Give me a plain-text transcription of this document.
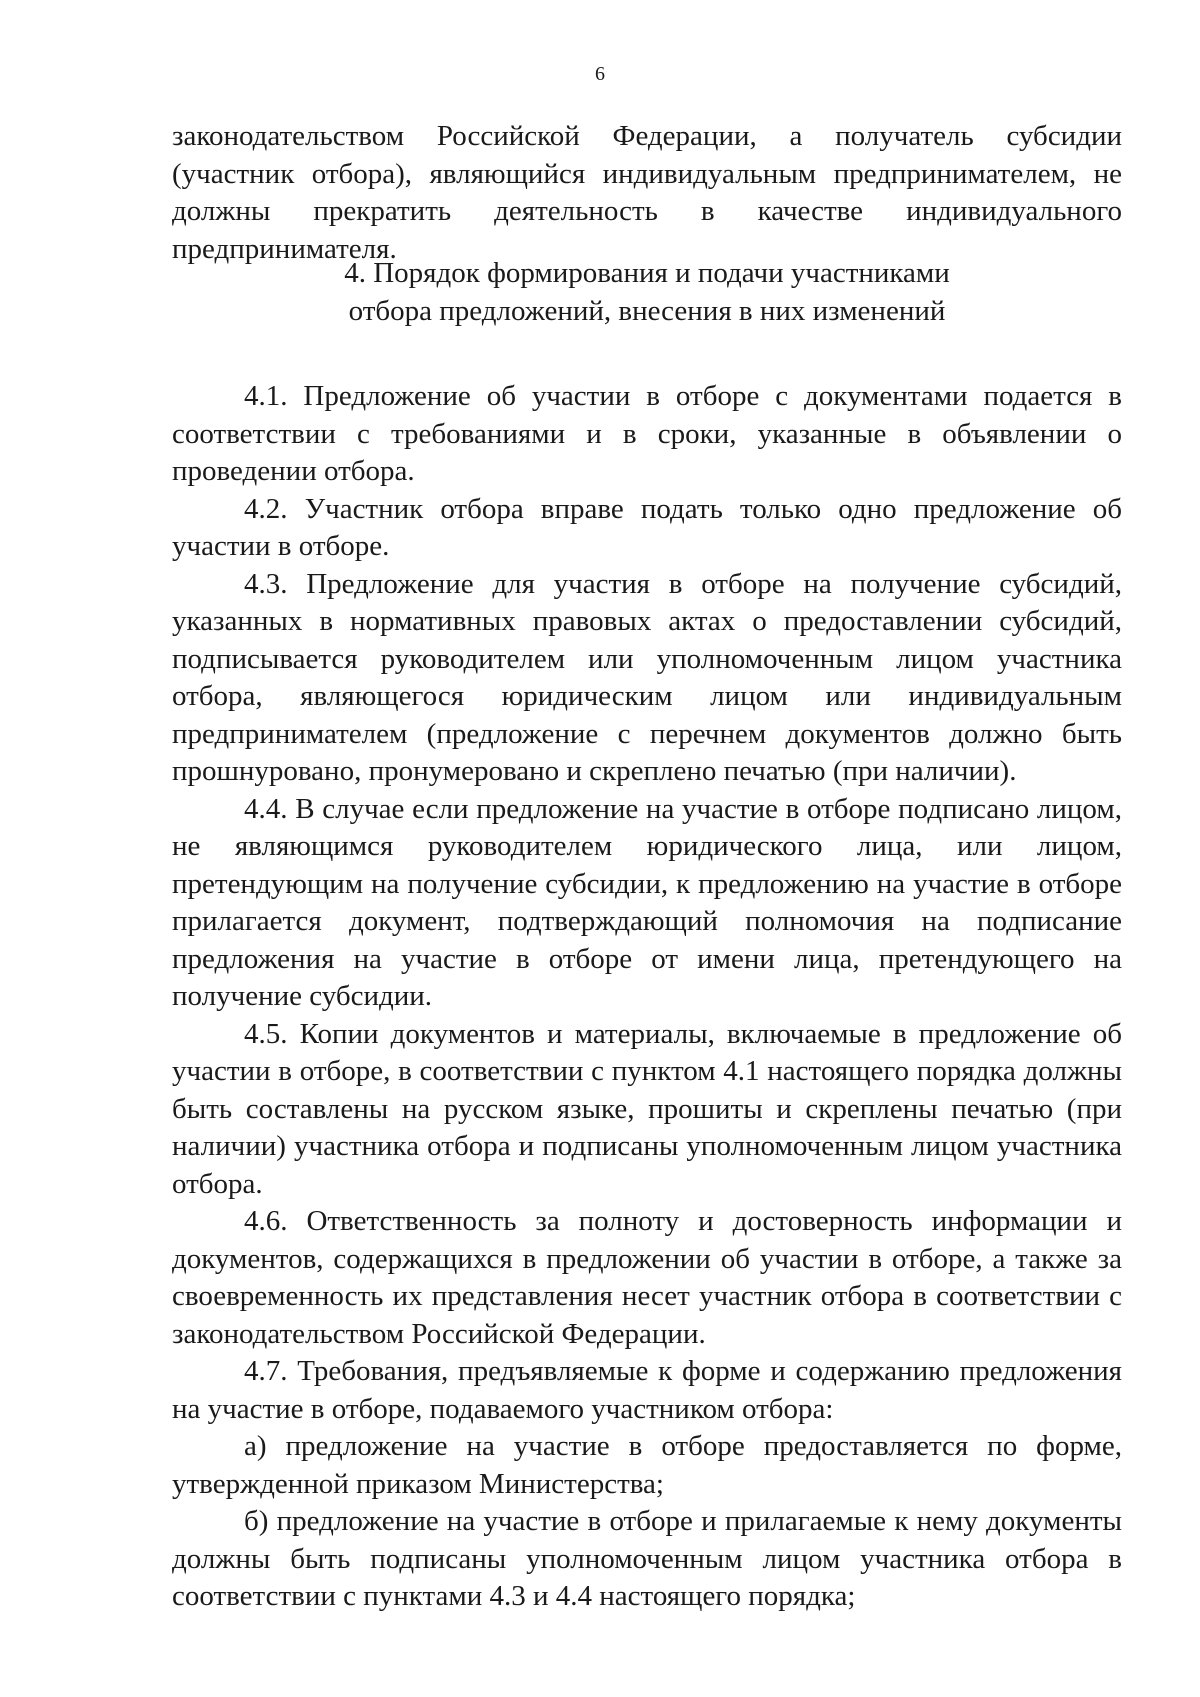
6

законодательством Российской Федерации, а получатель субсидии (участник отбора), являющийся индивидуальным предпринимателем, не должны прекратить деятельность в качестве индивидуального предпринимателя.

4. Порядок формирования и подачи участниками
отбора предложений, внесения в них изменений

4.1. Предложение об участии в отборе с документами подается в соответствии с требованиями и в сроки, указанные в объявлении о проведении отбора.

4.2. Участник отбора вправе подать только одно предложение об участии в отборе.

4.3. Предложение для участия в отборе на получение субсидий, указанных в нормативных правовых актах о предоставлении субсидий, подписывается руководителем или уполномоченным лицом участника отбора, являющегося юридическим лицом или индивидуальным предпринимателем (предложение с перечнем документов должно быть прошнуровано, пронумеровано и скреплено печатью (при наличии).

4.4. В случае если предложение на участие в отборе подписано лицом, не являющимся руководителем юридического лица, или лицом, претендующим на получение субсидии, к предложению на участие в отборе прилагается документ, подтверждающий полномочия на подписание предложения на участие в отборе от имени лица, претендующего на получение субсидии.

4.5. Копии документов и материалы, включаемые в предложение об участии в отборе, в соответствии с пунктом 4.1 настоящего порядка должны быть составлены на русском языке, прошиты и скреплены печатью (при наличии) участника отбора и подписаны уполномоченным лицом участника отбора.

4.6. Ответственность за полноту и достоверность информации и документов, содержащихся в предложении об участии в отборе, а также за своевременность их представления несет участник отбора в соответствии с законодательством Российской Федерации.

4.7. Требования, предъявляемые к форме и содержанию предложения на участие в отборе, подаваемого участником отбора:

а) предложение на участие в отборе предоставляется по форме, утвержденной приказом Министерства;

б) предложение на участие в отборе и прилагаемые к нему документы должны быть подписаны уполномоченным лицом участника отбора в соответствии с пунктами 4.3 и 4.4 настоящего порядка;
